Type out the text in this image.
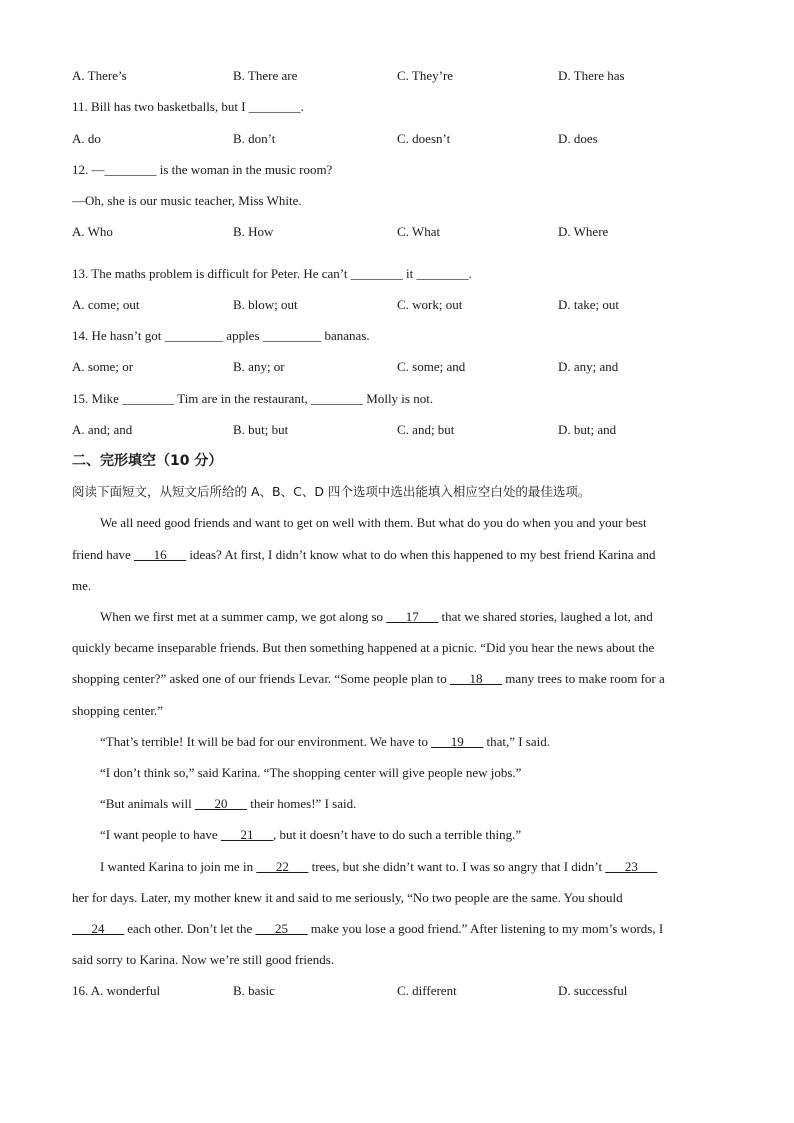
A. There’s	B. There are	C. They’re	D. There has
11. Bill has two basketballs, but I ________.
A. do	B. don’t	C. doesn’t	D. does
12. —________ is the woman in the music room?
—Oh, she is our music teacher, Miss White.
A. Who	B. How	C. What	D. Where
13. The maths problem is difficult for Peter. He can’t ________ it ________.
A. come; out	B. blow; out	C. work; out	D. take; out
14. He hasn’t got _________ apples _________ bananas.
A. some; or	B. any; or	C. some; and	D. any; and
15. Mike ________ Tim are in the restaurant, ________ Molly is not.
A. and; and	B. but; but	C. and; but	D. but; and
二、完形填空（10 分）
阅读下面短文，从短文后所给的 A、B、C、D 四个选项中选出能填入相应空白处的最佳选项。
We all need good friends and want to get on well with them. But what do you do when you and your best
friend have ___16___ ideas? At first, I didn’t know what to do when this happened to my best friend Karina and
me.
When we first met at a summer camp, we got along so ___17___ that we shared stories, laughed a lot, and
quickly became inseparable friends. But then something happened at a picnic. “Did you hear the news about the
shopping center?” asked one of our friends Levar. “Some people plan to ___18___ many trees to make room for a
shopping center.”
“That’s terrible! It will be bad for our environment. We have to ___19___ that,” I said.
“I don’t think so,” said Karina. “The shopping center will give people new jobs.”
“But animals will ___20___ their homes!” I said.
“I want people to have ___21___, but it doesn’t have to do such a terrible thing.”
I wanted Karina to join me in ___22___ trees, but she didn’t want to. I was so angry that I didn’t ___23___
her for days. Later, my mother knew it and said to me seriously, “No two people are the same. You should
___24___ each other. Don’t let the ___25___ make you lose a good friend.” After listening to my mom’s words, I
said sorry to Karina. Now we’re still good friends.
16. A. wonderful	B. basic	C. different	D. successful
